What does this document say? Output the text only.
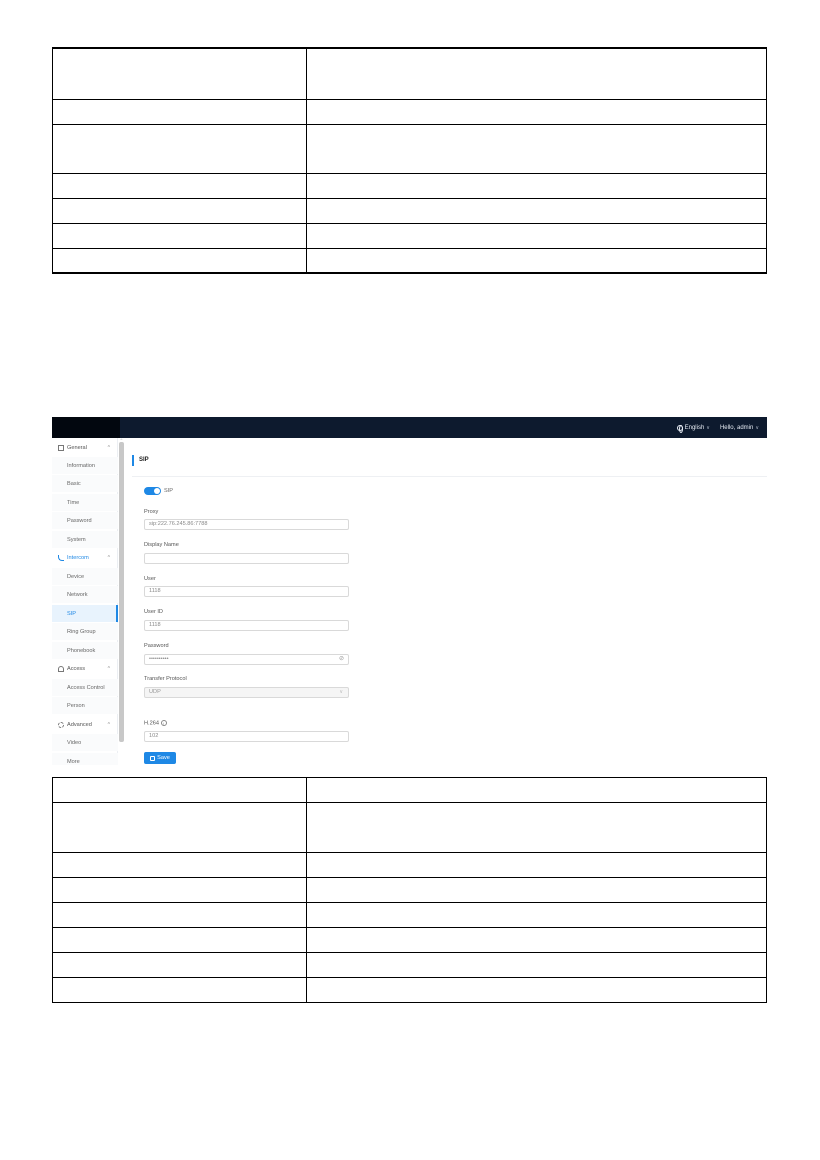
English ∨ Hello, admin ∨
General	^
Information
Basic
Time
Password
System
Intercom	^
Device
Network
SIP
Ring Group
Phonebook
Access	^
Access Control
Person
Advanced	^
Video
More
^
SIP
SIP
Proxy
sip:222.76.245.86:7788
Display Name
User
1118
User ID
1118
Password
••••••••••	⊘
Transfer Protocol
UDP	∨
H.264 i
102
Save
